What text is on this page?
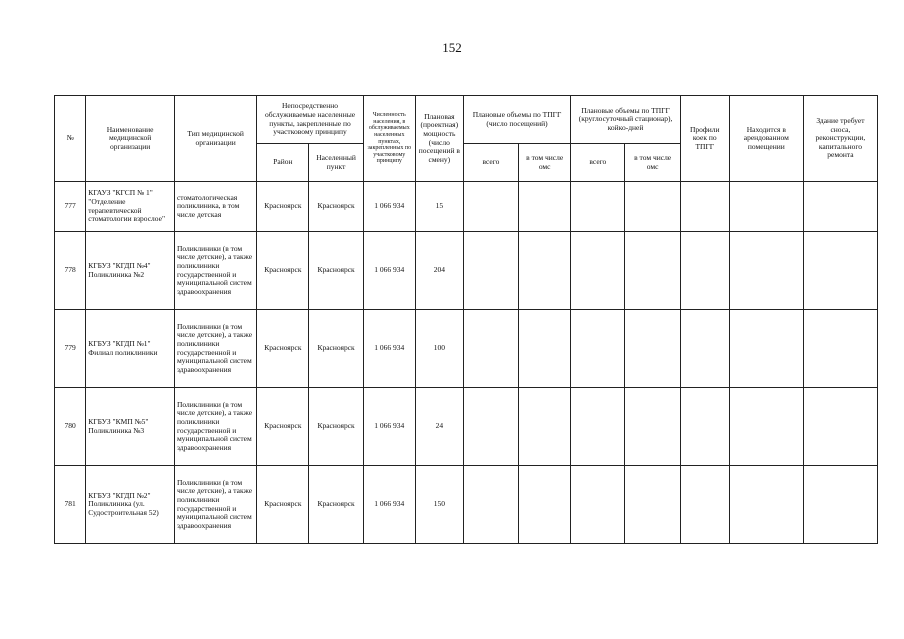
152
№	Наименование медицинской организации	Тип медицинской организации	Непосредственно обслуживаемые населенные пункты, закрепленные по участковому принципу		Численность населения, в обслуживаемых населенных пунктах, закрепленных по участковому принципу	Плановая (проектная) мощность (число посещений в смену)	Плановые объемы по ТПГГ (число посещений)		Плановые объемы по ТПГГ (круглосуточный стационар), койко-дней		Профили коек по ТПГГ	Находится в арендованном помещении	Здание требует сноса, реконструкции, капитального ремонта
			Район	Населенный пункт			всего	в том числе омс	всего	в том числе омс			
777	КГАУЗ "КГСП № 1" "Отделение терапевтической стоматологии взрослое"	стоматологическая поликлиника, в том числе детская	Красноярск	Красноярск	1 066 934	15							
778	КГБУЗ "КГДП №4" Поликлиника №2	Поликлиники (в том числе детские), а также поликлиники государственной и муниципальной систем здравоохранения	Красноярск	Красноярск	1 066 934	204							
779	КГБУЗ "КГДП №1" Филиал поликлиники	Поликлиники (в том числе детские), а также поликлиники государственной и муниципальной систем здравоохранения	Красноярск	Красноярск	1 066 934	100							
780	КГБУЗ "КМП №5" Поликлиника №3	Поликлиники (в том числе детские), а также поликлиники государственной и муниципальной систем здравоохранения	Красноярск	Красноярск	1 066 934	24							
781	КГБУЗ "КГДП №2" Поликлиника (ул. Судостроительная 52)	Поликлиники (в том числе детские), а также поликлиники государственной и муниципальной систем здравоохранения	Красноярск	Красноярск	1 066 934	150							
